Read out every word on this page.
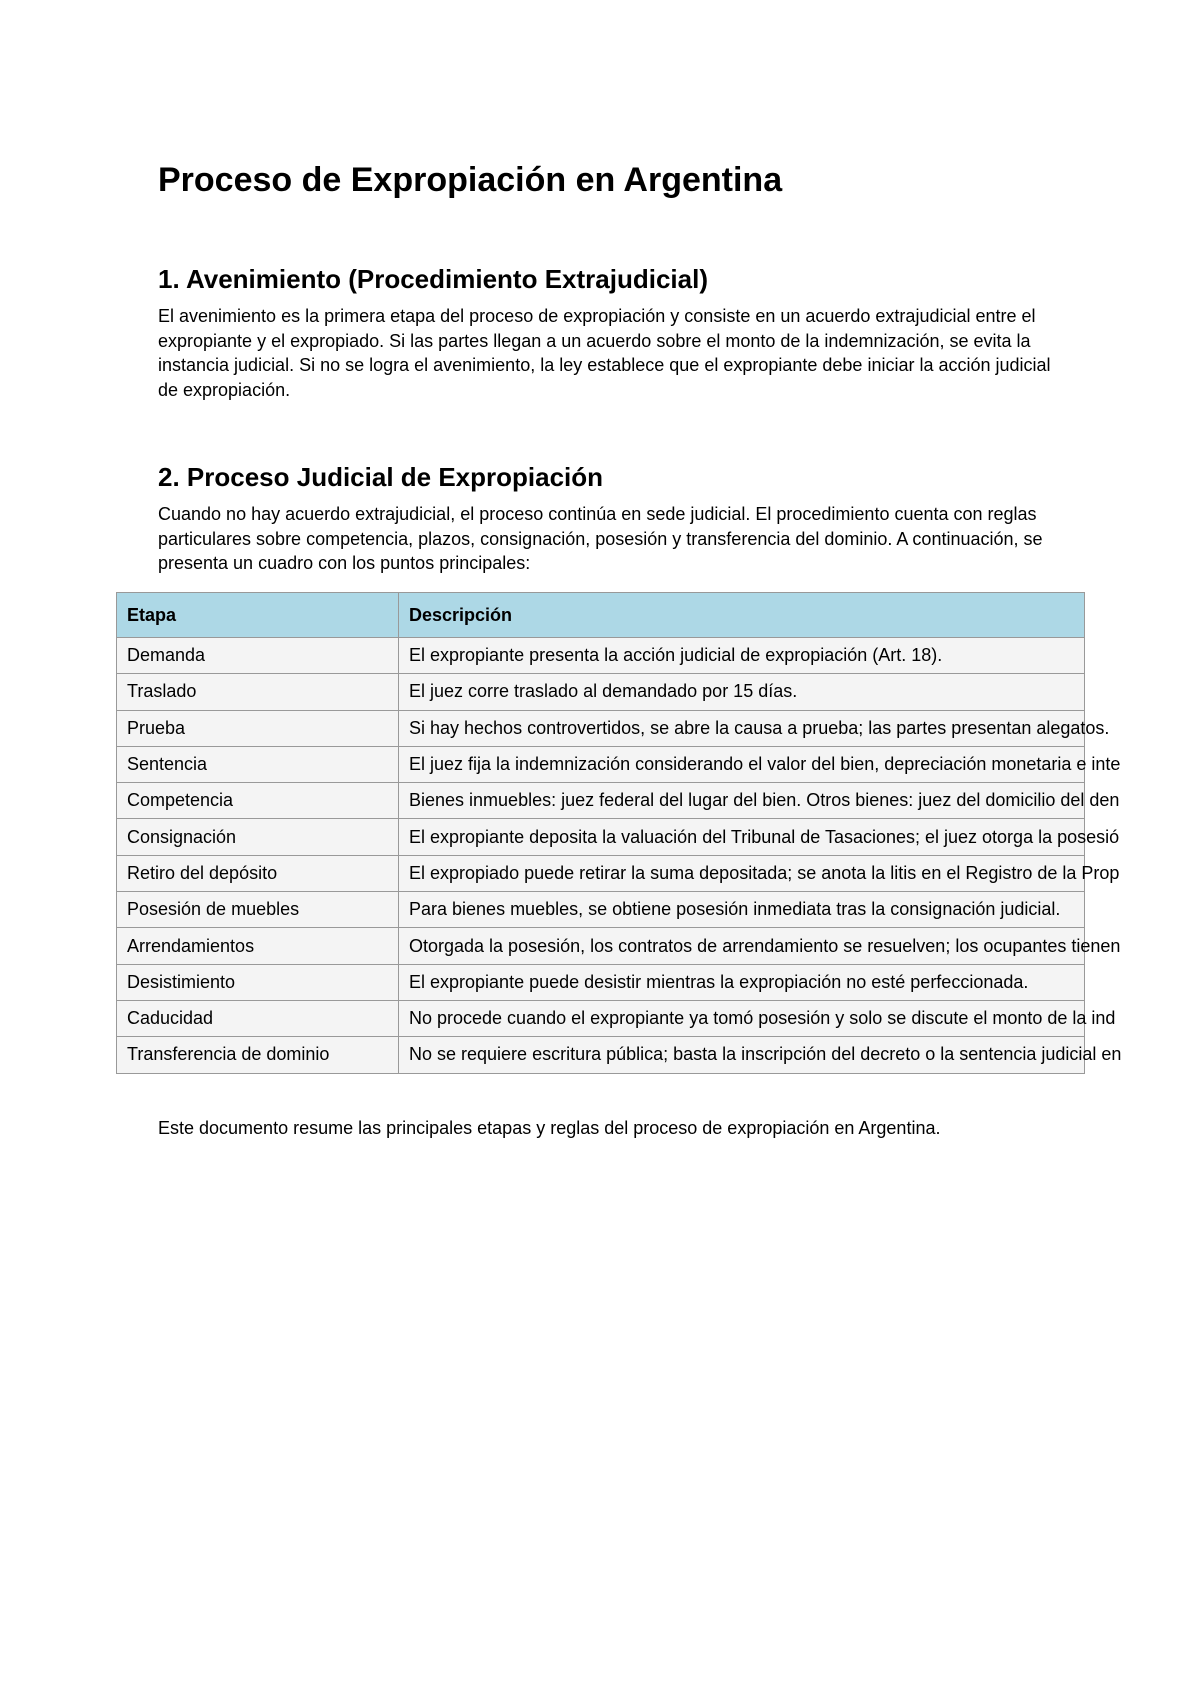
Proceso de Expropiación en Argentina
1. Avenimiento (Procedimiento Extrajudicial)

El avenimiento es la primera etapa del proceso de expropiación y consiste en un acuerdo extrajudicial entre el expropiante y el expropiado. Si las partes llegan a un acuerdo sobre el monto de la indemnización, se evita la instancia judicial. Si no se logra el avenimiento, la ley establece que el expropiante debe iniciar la acción judicial de expropiación.

2. Proceso Judicial de Expropiación

Cuando no hay acuerdo extrajudicial, el proceso continúa en sede judicial. El procedimiento cuenta con reglas particulares sobre competencia, plazos, consignación, posesión y transferencia del dominio. A continuación, se presenta un cuadro con los puntos principales:

Etapa	Descripción
Demanda	El expropiante presenta la acción judicial de expropiación (Art. 18).
Traslado	El juez corre traslado al demandado por 15 días.
Prueba	Si hay hechos controvertidos, se abre la causa a prueba; las partes presentan alegatos.
Sentencia	El juez fija la indemnización considerando el valor del bien, depreciación monetaria e inte
Competencia	Bienes inmuebles: juez federal del lugar del bien. Otros bienes: juez del domicilio del den
Consignación	El expropiante deposita la valuación del Tribunal de Tasaciones; el juez otorga la posesió
Retiro del depósito	El expropiado puede retirar la suma depositada; se anota la litis en el Registro de la Prop
Posesión de muebles	Para bienes muebles, se obtiene posesión inmediata tras la consignación judicial.
Arrendamientos	Otorgada la posesión, los contratos de arrendamiento se resuelven; los ocupantes tienen
Desistimiento	El expropiante puede desistir mientras la expropiación no esté perfeccionada.
Caducidad	No procede cuando el expropiante ya tomó posesión y solo se discute el monto de la ind
Transferencia de dominio	No se requiere escritura pública; basta la inscripción del decreto o la sentencia judicial en

Este documento resume las principales etapas y reglas del proceso de expropiación en Argentina.
